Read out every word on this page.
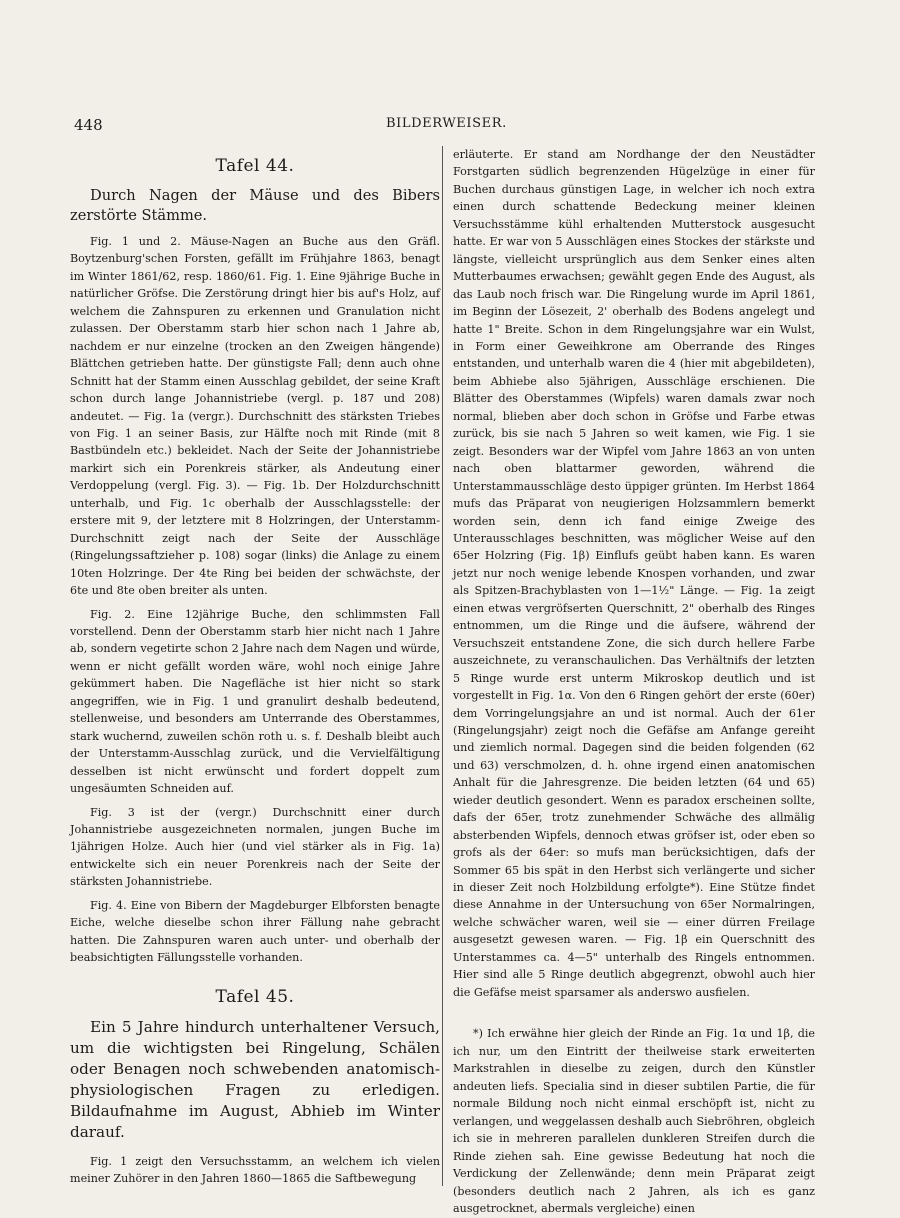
448	BILDERWEISER.
Tafel 44.

Durch Nagen der Mäuse und des Bibers zerstörte Stämme.

Fig. 1 und 2. Mäuse-Nagen an Buche aus den Gräfl. Boytzenburg'schen Forsten, gefällt im Frühjahre 1863, benagt im Winter 1861/62, resp. 1860/61. Fig. 1. Eine 9jährige Buche in natürlicher Gröfse. Die Zerstörung dringt hier bis auf's Holz, auf welchem die Zahnspuren zu erkennen und Granulation nicht zulassen. Der Oberstamm starb hier schon nach 1 Jahre ab, nachdem er nur einzelne (trocken an den Zweigen hängende) Blättchen getrieben hatte. Der günstigste Fall; denn auch ohne Schnitt hat der Stamm einen Ausschlag gebildet, der seine Kraft schon durch lange Johannistriebe (vergl. p. 187 und 208) andeutet. — Fig. 1a (vergr.). Durchschnitt des stärksten Triebes von Fig. 1 an seiner Basis, zur Hälfte noch mit Rinde (mit 8 Bastbündeln etc.) bekleidet. Nach der Seite der Johannistriebe markirt sich ein Porenkreis stärker, als Andeutung einer Verdoppelung (vergl. Fig. 3). — Fig. 1b. Der Holzdurchschnitt unterhalb, und Fig. 1c oberhalb der Ausschlagsstelle: der erstere mit 9, der letztere mit 8 Holzringen, der Unterstamm-Durchschnitt zeigt nach der Seite der Ausschläge (Ringelungssaftzieher p. 108) sogar (links) die Anlage zu einem 10ten Holzringe. Der 4te Ring bei beiden der schwächste, der 6te und 8te oben breiter als unten.

Fig. 2. Eine 12jährige Buche, den schlimmsten Fall vorstellend. Denn der Oberstamm starb hier nicht nach 1 Jahre ab, sondern vegetirte schon 2 Jahre nach dem Nagen und würde, wenn er nicht gefällt worden wäre, wohl noch einige Jahre gekümmert haben. Die Nagefläche ist hier nicht so stark angegriffen, wie in Fig. 1 und granulirt deshalb bedeutend, stellenweise, und besonders am Unterrande des Oberstammes, stark wuchernd, zuweilen schön roth u. s. f. Deshalb bleibt auch der Unterstamm-Ausschlag zurück, und die Vervielfältigung desselben ist nicht erwünscht und fordert doppelt zum ungesäumten Schneiden auf.

Fig. 3 ist der (vergr.) Durchschnitt einer durch Johannistriebe ausgezeichneten normalen, jungen Buche im 1jährigen Holze. Auch hier (und viel stärker als in Fig. 1a) entwickelte sich ein neuer Porenkreis nach der Seite der stärksten Johannistriebe.

Fig. 4. Eine von Bibern der Magdeburger Elbforsten benagte Eiche, welche dieselbe schon ihrer Fällung nahe gebracht hatten. Die Zahnspuren waren auch unter- und oberhalb der beabsichtigten Fällungsstelle vorhanden.

Tafel 45.

Ein 5 Jahre hindurch unterhaltener Versuch, um die wichtigsten bei Ringelung, Schälen oder Benagen noch schwebenden anatomisch-physiologischen Fragen zu erledigen. Bildaufnahme im August, Abhieb im Winter darauf.

Fig. 1 zeigt den Versuchsstamm, an welchem ich vielen meiner Zuhörer in den Jahren 1860—1865 die Saftbewegung

erläuterte. Er stand am Nordhange der den Neustädter Forstgarten südlich begrenzenden Hügelzüge in einer für Buchen durchaus günstigen Lage, in welcher ich noch extra einen durch schattende Bedeckung meiner kleinen Versuchsstämme kühl erhaltenden Mutterstock ausgesucht hatte. Er war von 5 Ausschlägen eines Stockes der stärkste und längste, vielleicht ursprünglich aus dem Senker eines alten Mutterbaumes erwachsen; gewählt gegen Ende des August, als das Laub noch frisch war. Die Ringelung wurde im April 1861, im Beginn der Lösezeit, 2' oberhalb des Bodens angelegt und hatte 1" Breite. Schon in dem Ringelungsjahre war ein Wulst, in Form einer Geweihkrone am Oberrande des Ringes entstanden, und unterhalb waren die 4 (hier mit abgebildeten), beim Abhiebe also 5jährigen, Ausschläge erschienen. Die Blätter des Oberstammes (Wipfels) waren damals zwar noch normal, blieben aber doch schon in Gröfse und Farbe etwas zurück, bis sie nach 5 Jahren so weit kamen, wie Fig. 1 sie zeigt. Besonders war der Wipfel vom Jahre 1863 an von unten nach oben blattarmer geworden, während die Unterstammausschläge desto üppiger grünten. Im Herbst 1864 mufs das Präparat von neugierigen Holzsammlern bemerkt worden sein, denn ich fand einige Zweige des Unterausschlages beschnitten, was möglicher Weise auf den 65er Holzring (Fig. 1β) Einflufs geübt haben kann. Es waren jetzt nur noch wenige lebende Knospen vorhanden, und zwar als Spitzen-Brachyblasten von 1—1½" Länge. — Fig. 1a zeigt einen etwas vergröfserten Querschnitt, 2" oberhalb des Ringes entnommen, um die Ringe und die äufsere, während der Versuchszeit entstandene Zone, die sich durch hellere Farbe auszeichnete, zu veranschaulichen. Das Verhältnifs der letzten 5 Ringe wurde erst unterm Mikroskop deutlich und ist vorgestellt in Fig. 1α. Von den 6 Ringen gehört der erste (60er) dem Vorringelungsjahre an und ist normal. Auch der 61er (Ringelungsjahr) zeigt noch die Gefäfse am Anfange gereiht und ziemlich normal. Dagegen sind die beiden folgenden (62 und 63) verschmolzen, d. h. ohne irgend einen anatomischen Anhalt für die Jahresgrenze. Die beiden letzten (64 und 65) wieder deutlich gesondert. Wenn es paradox erscheinen sollte, dafs der 65er, trotz zunehmender Schwäche des allmälig absterbenden Wipfels, dennoch etwas gröfser ist, oder eben so grofs als der 64er: so mufs man berücksichtigen, dafs der Sommer 65 bis spät in den Herbst sich verlängerte und sicher in dieser Zeit noch Holzbildung erfolgte*). Eine Stütze findet diese Annahme in der Untersuchung von 65er Normalringen, welche schwächer waren, weil sie — einer dürren Freilage ausgesetzt gewesen waren. — Fig. 1β ein Querschnitt des Unterstammes ca. 4—5" unterhalb des Ringels entnommen. Hier sind alle 5 Ringe deutlich abgegrenzt, obwohl auch hier die Gefäfse meist sparsamer als anderswo ausfielen.

*) Ich erwähne hier gleich der Rinde an Fig. 1α und 1β, die ich nur, um den Eintritt der theilweise stark erweiterten Markstrahlen in dieselbe zu zeigen, durch den Künstler andeuten liefs. Specialia sind in dieser subtilen Partie, die für normale Bildung noch nicht einmal erschöpft ist, nicht zu verlangen, und weggelassen deshalb auch Siebröhren, obgleich ich sie in mehreren parallelen dunkleren Streifen durch die Rinde ziehen sah. Eine gewisse Bedeutung hat noch die Verdickung der Zellenwände; denn mein Präparat zeigt (besonders deutlich nach 2 Jahren, als ich es ganz ausgetrocknet, abermals vergleiche) einen
